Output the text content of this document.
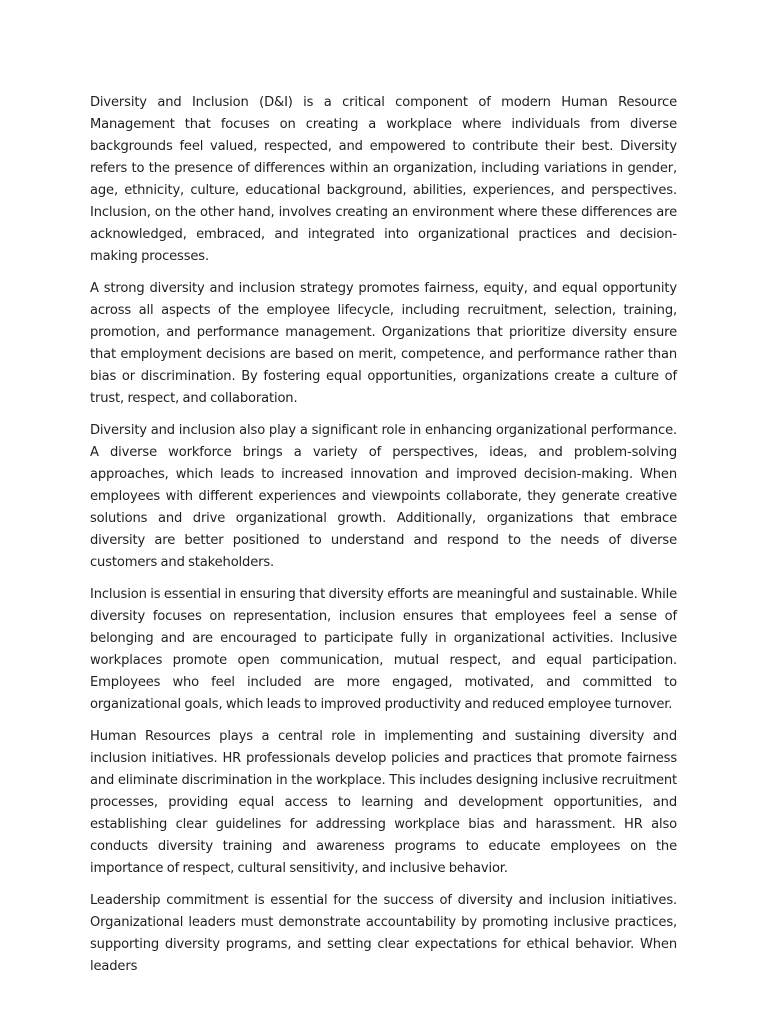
Diversity and Inclusion (D&I) is a critical component of modern Human Resource Management that focuses on creating a workplace where individuals from diverse backgrounds feel valued, respected, and empowered to contribute their best. Diversity refers to the presence of differences within an organization, including variations in gender, age, ethnicity, culture, educational background, abilities, experiences, and perspectives. Inclusion, on the other hand, involves creating an environment where these differences are acknowledged, embraced, and integrated into organizational practices and decision-making processes.

A strong diversity and inclusion strategy promotes fairness, equity, and equal opportunity across all aspects of the employee lifecycle, including recruitment, selection, training, promotion, and performance management. Organizations that prioritize diversity ensure that employment decisions are based on merit, competence, and performance rather than bias or discrimination. By fostering equal opportunities, organizations create a culture of trust, respect, and collaboration.

Diversity and inclusion also play a significant role in enhancing organizational performance. A diverse workforce brings a variety of perspectives, ideas, and problem-solving approaches, which leads to increased innovation and improved decision-making. When employees with different experiences and viewpoints collaborate, they generate creative solutions and drive organizational growth. Additionally, organizations that embrace diversity are better positioned to understand and respond to the needs of diverse customers and stakeholders.

Inclusion is essential in ensuring that diversity efforts are meaningful and sustainable. While diversity focuses on representation, inclusion ensures that employees feel a sense of belonging and are encouraged to participate fully in organizational activities. Inclusive workplaces promote open communication, mutual respect, and equal participation. Employees who feel included are more engaged, motivated, and committed to organizational goals, which leads to improved productivity and reduced employee turnover.

Human Resources plays a central role in implementing and sustaining diversity and inclusion initiatives. HR professionals develop policies and practices that promote fairness and eliminate discrimination in the workplace. This includes designing inclusive recruitment processes, providing equal access to learning and development opportunities, and establishing clear guidelines for addressing workplace bias and harassment. HR also conducts diversity training and awareness programs to educate employees on the importance of respect, cultural sensitivity, and inclusive behavior.

Leadership commitment is essential for the success of diversity and inclusion initiatives. Organizational leaders must demonstrate accountability by promoting inclusive practices, supporting diversity programs, and setting clear expectations for ethical behavior. When leaders
